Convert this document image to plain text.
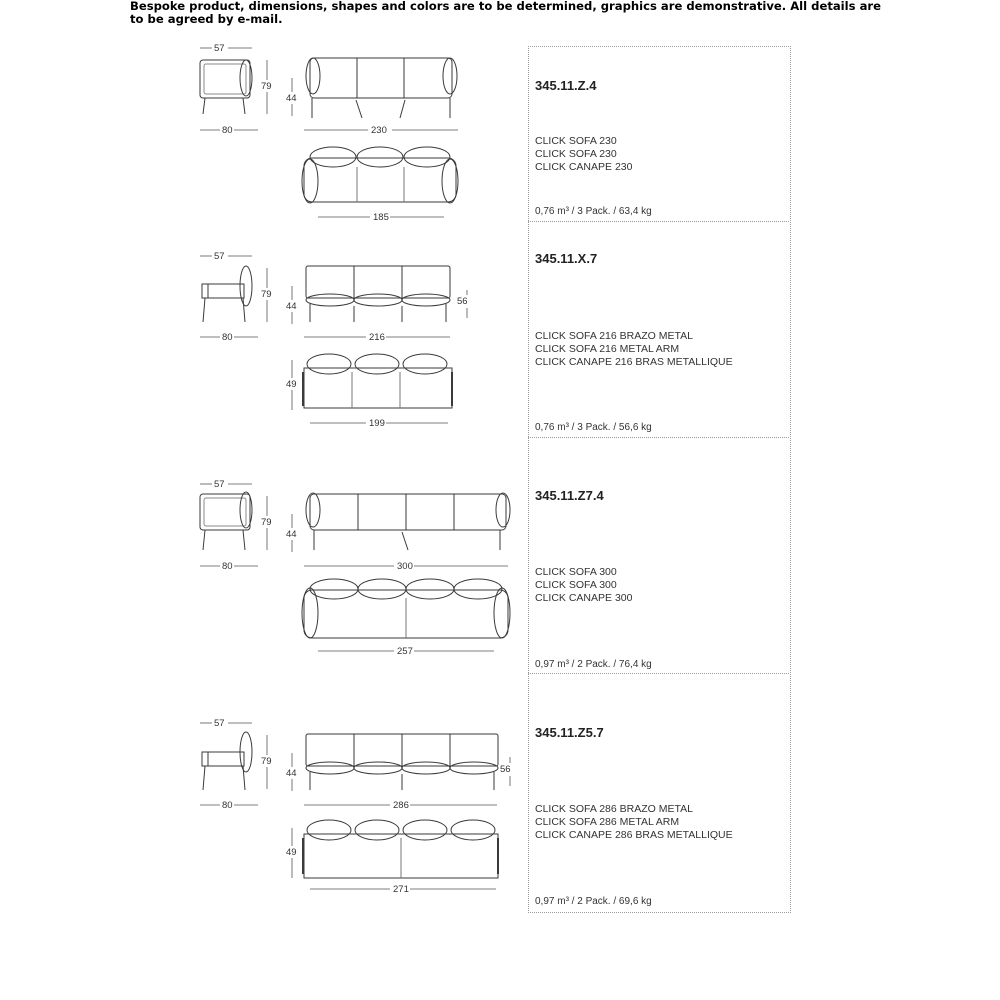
Bespoke product, dimensions, shapes and colors are to be determined, graphics are demonstrative. All details are to be agreed by e-mail.
345.11.Z.4
CLICK SOFA 230
CLICK SOFA 230
CLICK CANAPE 230
0,76 m³ / 3 Pack. / 63,4 kg
345.11.X.7
CLICK SOFA 216 BRAZO METAL
CLICK SOFA 216 METAL ARM
CLICK CANAPE 216 BRAS METALLIQUE
0,76 m³ / 3 Pack. / 56,6 kg
345.11.Z7.4
CLICK SOFA 300
CLICK SOFA 300
CLICK CANAPE 300
0,97 m³ / 2 Pack. / 76,4 kg
345.11.Z5.7
CLICK SOFA 286 BRAZO METAL
CLICK SOFA 286 METAL ARM
CLICK CANAPE 286 BRAS METALLIQUE
0,97 m³ / 2 Pack. / 69,6 kg
57
80
79
44
230
185
57
80
79
44	56
216
49
199
57
80
79
44
300
257
57
80
79
44	56
286
49
271
